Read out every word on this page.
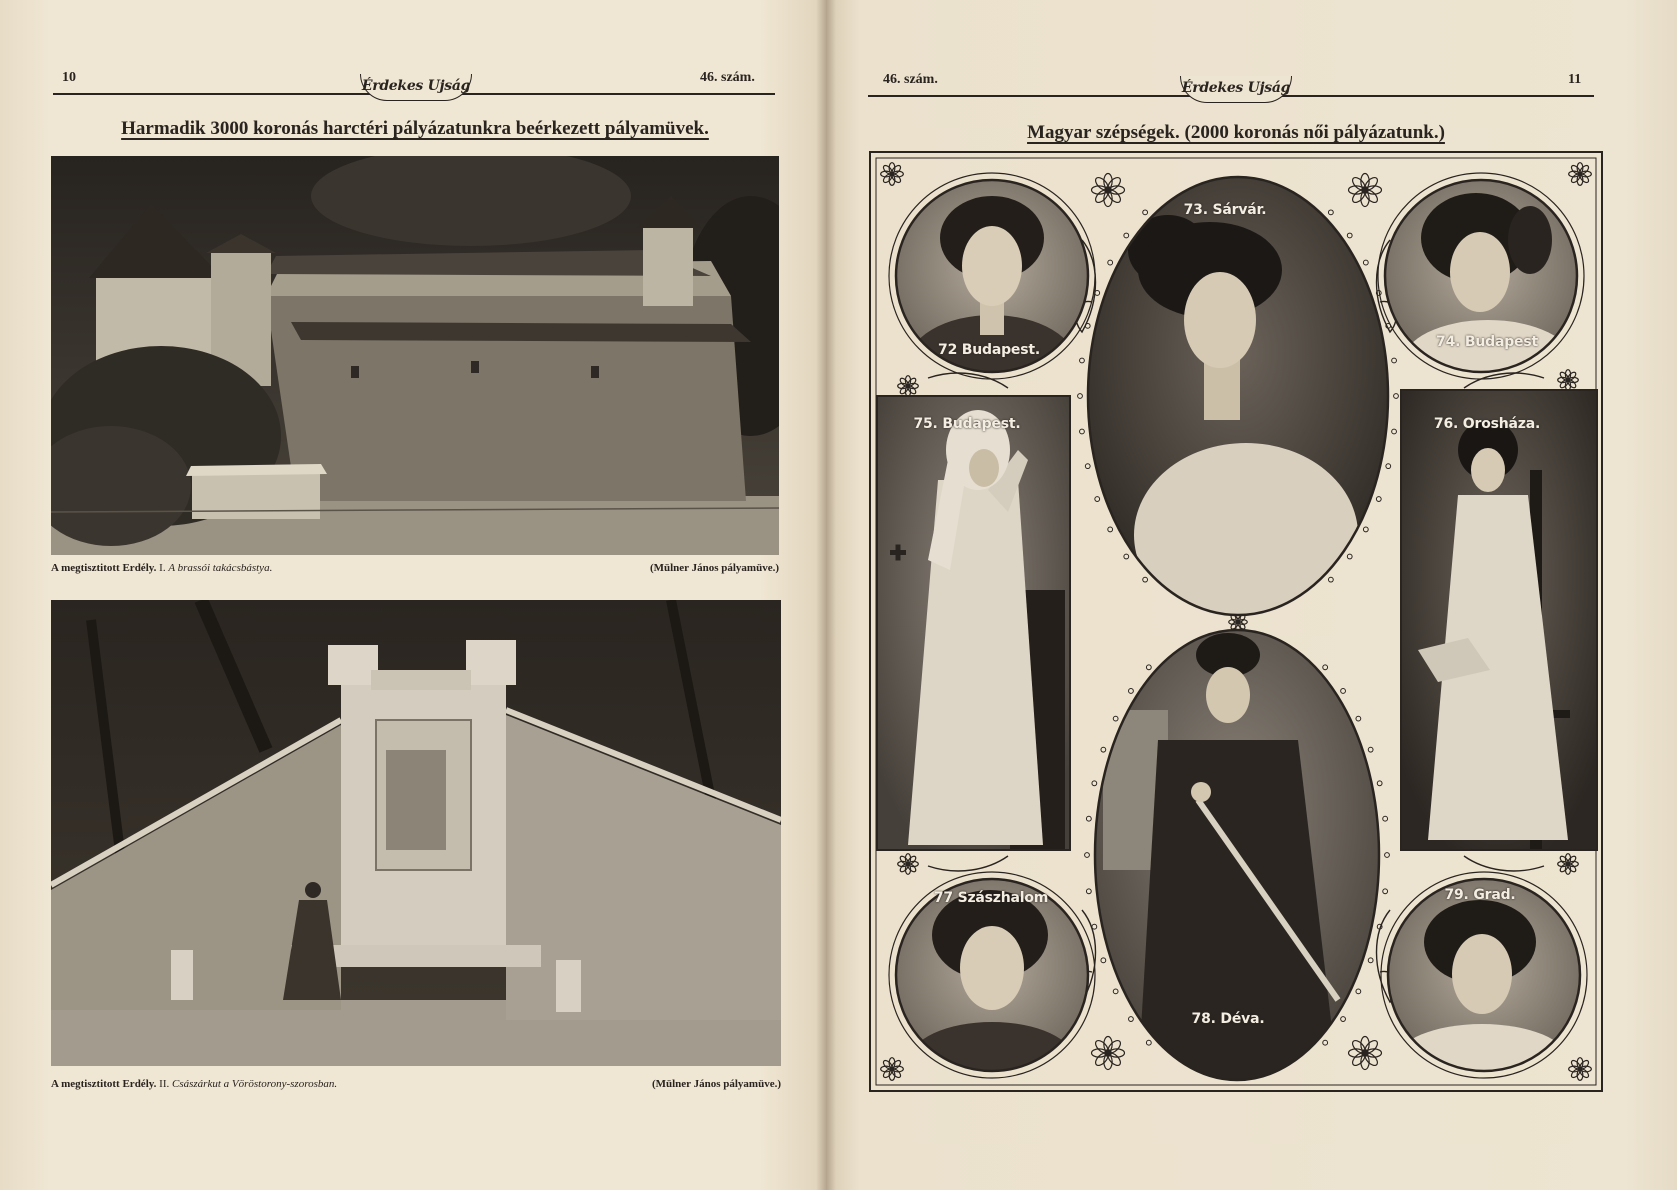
10	46. szám.
Érdekes Ujság
Harmadik 3000 koronás harctéri pályázatunkra beérkezett pályamüvek.
A megtisztitott Erdély. I. A brassói takácsbástya.	(Mülner János pályamüve.)
A megtisztitott Erdély. II. Császárkut a Vöröstorony-szorosban.	(Mülner János pályamüve.)
46. szám.	11
Érdekes Ujság
Magyar szépségek. (2000 koronás női pályázatunk.)
72 Budapest.
73. Sárvár.
74. Budapest
75. Budapest.	76. Orosháza.
77 Szászhalom
78. Déva.
79. Grad.
